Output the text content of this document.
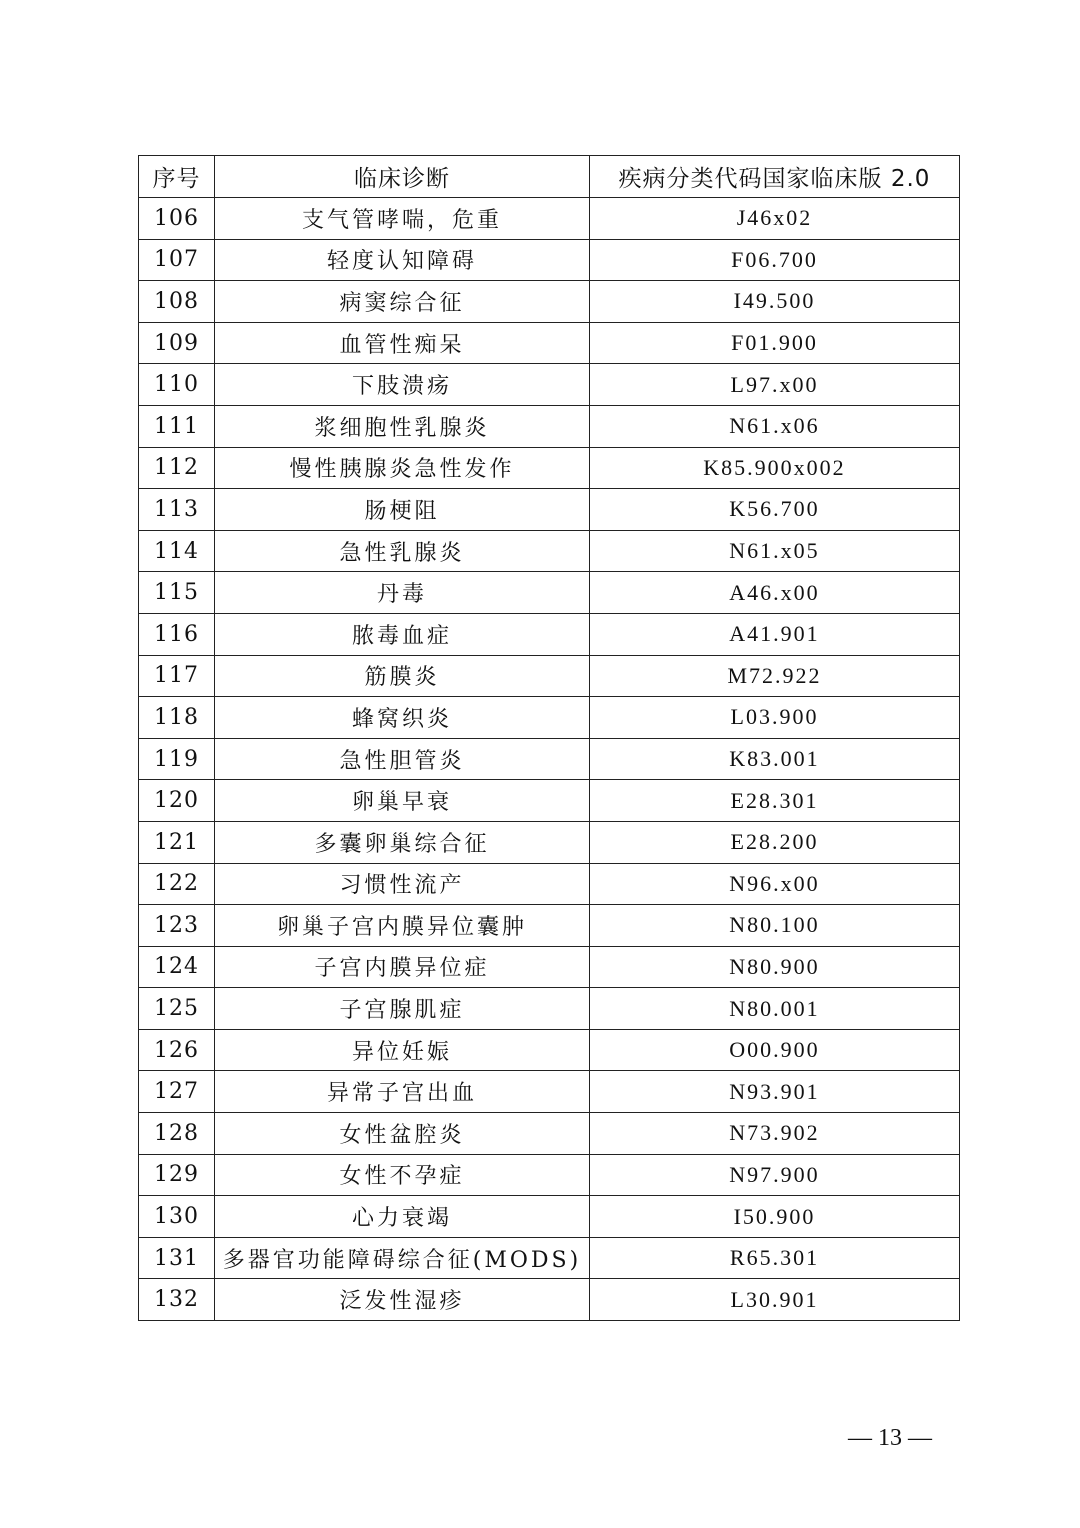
序号	临床诊断	疾病分类代码国家临床版 2.0
106	支气管哮喘，危重	J46x02
107	轻度认知障碍	F06.700
108	病窦综合征	I49.500
109	血管性痴呆	F01.900
110	下肢溃疡	L97.x00
111	浆细胞性乳腺炎	N61.x06
112	慢性胰腺炎急性发作	K85.900x002
113	肠梗阻	K56.700
114	急性乳腺炎	N61.x05
115	丹毒	A46.x00
116	脓毒血症	A41.901
117	筋膜炎	M72.922
118	蜂窝织炎	L03.900
119	急性胆管炎	K83.001
120	卵巢早衰	E28.301
121	多囊卵巢综合征	E28.200
122	习惯性流产	N96.x00
123	卵巢子宫内膜异位囊肿	N80.100
124	子宫内膜异位症	N80.900
125	子宫腺肌症	N80.001
126	异位妊娠	O00.900
127	异常子宫出血	N93.901
128	女性盆腔炎	N73.902
129	女性不孕症	N97.900
130	心力衰竭	I50.900
131	多器官功能障碍综合征(MODS)	R65.301
132	泛发性湿疹	L30.901
— 13 —
